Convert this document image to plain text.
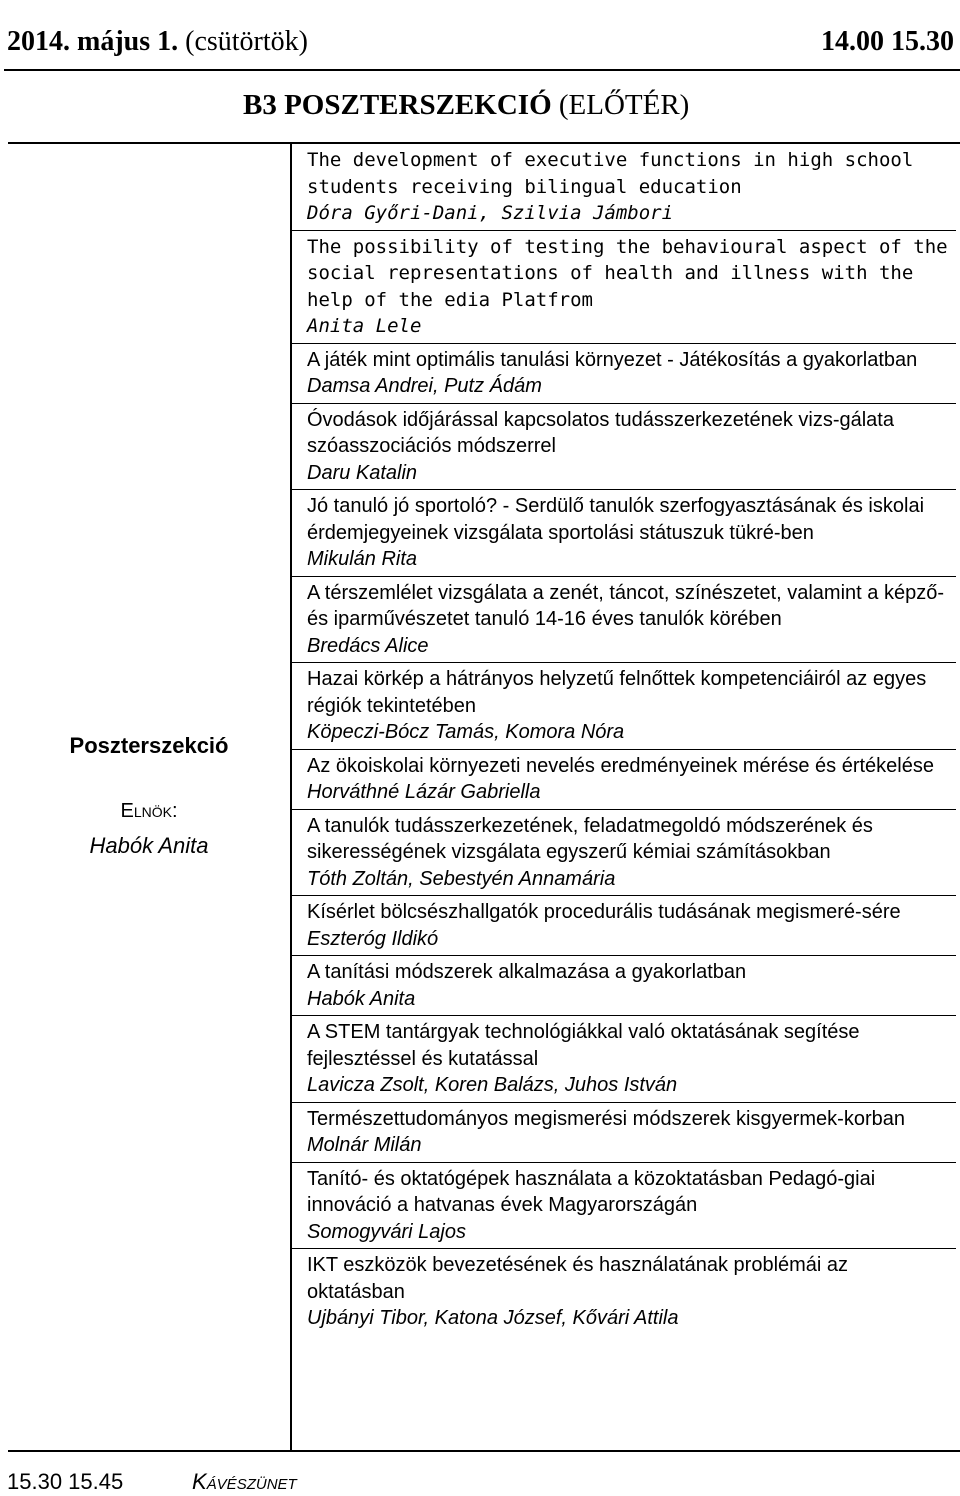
2014. május 1. (csütörtök)	14.00 15.30
B3 POSZTERSZEKCIÓ (ELŐTÉR)
Poszterszekció
Elnök:
Habók Anita
The development of executive functions in high school students receiving bilingual education
Dóra Győri-Dani, Szilvia Jámbori
The possibility of testing the behavioural aspect of the social representations of health and illness with the help of the edia Platfrom
Anita Lele
A játék mint optimális tanulási környezet - Játékosítás a gyakorlatban
Damsa Andrei, Putz Ádám
Óvodások időjárással kapcsolatos tudásszerkezetének vizs-gálata szóasszociációs módszerrel
Daru Katalin
Jó tanuló jó sportoló? - Serdülő tanulók szerfogyasztásának és iskolai érdemjegyeinek vizsgálata sportolási státuszuk tükré-ben
Mikulán Rita
A térszemlélet vizsgálata a zenét, táncot, színészetet, valamint a képző- és iparművészetet tanuló 14-16 éves tanulók körében
Bredács Alice
Hazai körkép a hátrányos helyzetű felnőttek kompetenciáiról az egyes régiók tekintetében
Köpeczi-Bócz Tamás, Komora Nóra
Az ökoiskolai környezeti nevelés eredményeinek mérése és értékelése
Horváthné Lázár Gabriella
A tanulók tudásszerkezetének, feladatmegoldó módszerének és sikerességének vizsgálata egyszerű kémiai számításokban
Tóth Zoltán, Sebestyén Annamária
Kísérlet bölcsészhallgatók procedurális tudásának megismeré-sére
Eszteróg Ildikó
A tanítási módszerek alkalmazása a gyakorlatban
Habók Anita
A STEM tantárgyak technológiákkal való oktatásának segítése fejlesztéssel és kutatással
Lavicza Zsolt, Koren Balázs, Juhos István
Természettudományos megismerési módszerek kisgyermek-korban
Molnár Milán
Tanító- és oktatógépek használata a közoktatásban Pedagó-giai innováció a hatvanas évek Magyarországán
Somogyvári Lajos
IKT eszközök bevezetésének és használatának problémái az oktatásban
Ujbányi Tibor, Katona József, Kővári Attila
15.30 15.45	Kávészünet
